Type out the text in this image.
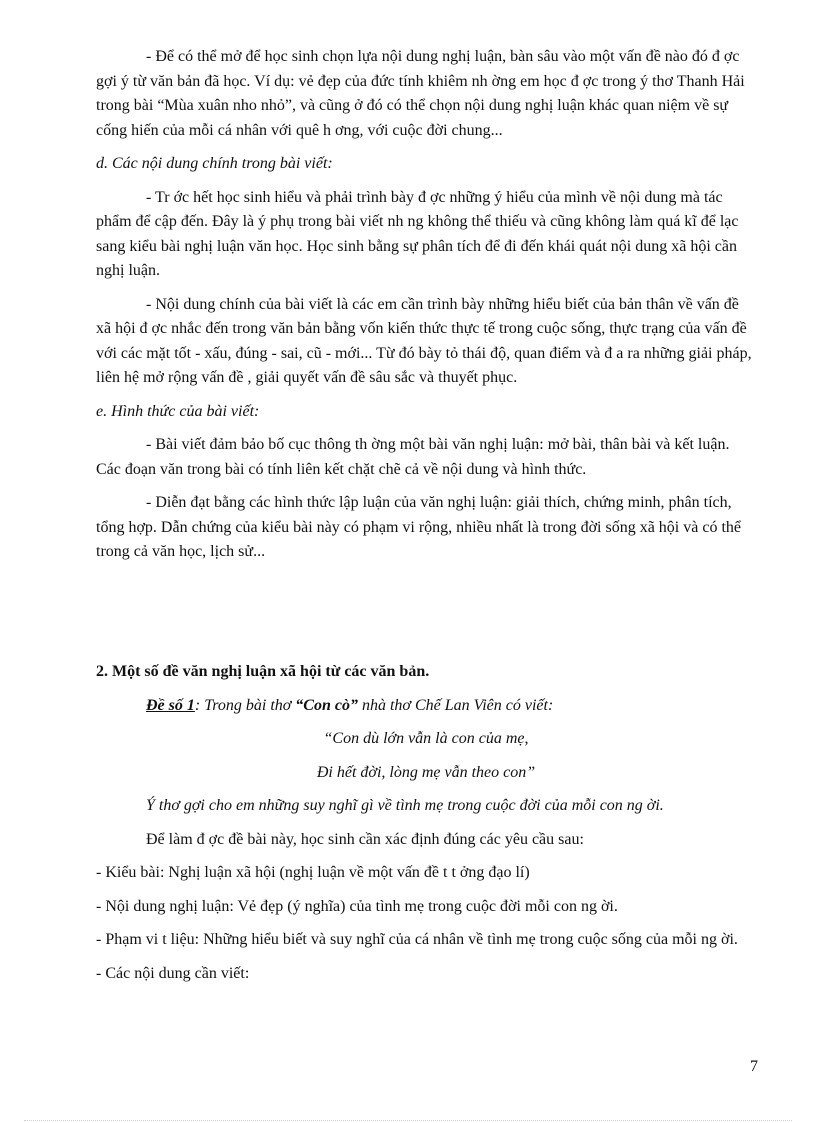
- Để có thể mở để học sinh chọn lựa nội dung nghị luận, bàn sâu vào một vấn đề nào đó đ ợc gợi ý từ văn bản đã học. Ví dụ: vẻ đẹp của đức tính khiêm nh ờng em học đ ợc trong ý thơ Thanh Hải trong bài “Mùa xuân nho nhỏ”, và cũng ở đó có thể chọn nội dung nghị luận khác quan niệm về sự cống hiến của mỗi cá nhân với quê h ơng, với cuộc đời chung...

d. Các nội dung chính trong bài viết:

- Tr ớc hết học sinh hiểu và phải trình bày đ ợc những ý hiểu của mình về nội dung mà tác phẩm để cập đến. Đây là ý phụ trong bài viết nh ng không thể thiếu và cũng không làm quá kĩ để lạc sang kiểu bài nghị luận văn học. Học sinh bằng sự phân tích để đi đến khái quát nội dung xã hội cần nghị luận.

- Nội dung chính của bài viết là các em cần trình bày những hiểu biết của bản thân về vấn đề xã hội đ ợc nhắc đến trong văn bản bằng vốn kiến thức thực tế trong cuộc sống, thực trạng của vấn đề với các mặt tốt - xấu, đúng - sai, cũ - mới... Từ đó bày tỏ thái độ, quan điểm và đ a ra những giải pháp, liên hệ mở rộng vấn đề , giải quyết vấn đề sâu sắc và thuyết phục.

e. Hình thức của bài viết:

- Bài viết đảm bảo bố cục thông th ờng một bài văn nghị luận: mở bài, thân bài và kết luận. Các đoạn văn trong bài có tính liên kết chặt chẽ cả về nội dung và hình thức.

- Diễn đạt bằng các hình thức lập luận của văn nghị luận: giải thích, chứng minh, phân tích, tổng hợp. Dẫn chứng của kiểu bài này có phạm vi rộng, nhiều nhất là trong đời sống xã hội và có thể trong cả văn học, lịch sử...

2. Một số đề văn nghị luận xã hội từ các văn bản.

Đề số 1: Trong bài thơ “Con cò” nhà thơ Chế Lan Viên có viết:

“Con dù lớn vẫn là con của mẹ,

Đi hết đời, lòng mẹ vẫn theo con”

Ý thơ gợi cho em những suy nghĩ gì về tình mẹ trong cuộc đời của mỗi con ng ời.

Để làm đ ợc đề bài này, học sinh cần xác định đúng các yêu cầu sau:

- Kiểu bài: Nghị luận xã hội (nghị luận về một vấn đề t t ởng đạo lí)

- Nội dung nghị luận: Vẻ đẹp (ý nghĩa) của tình mẹ trong cuộc đời mỗi con ng ời.

- Phạm vi t liệu: Những hiểu biết và suy nghĩ của cá nhân về tình mẹ trong cuộc sống của mỗi ng ời.

- Các nội dung cần viết:

7
